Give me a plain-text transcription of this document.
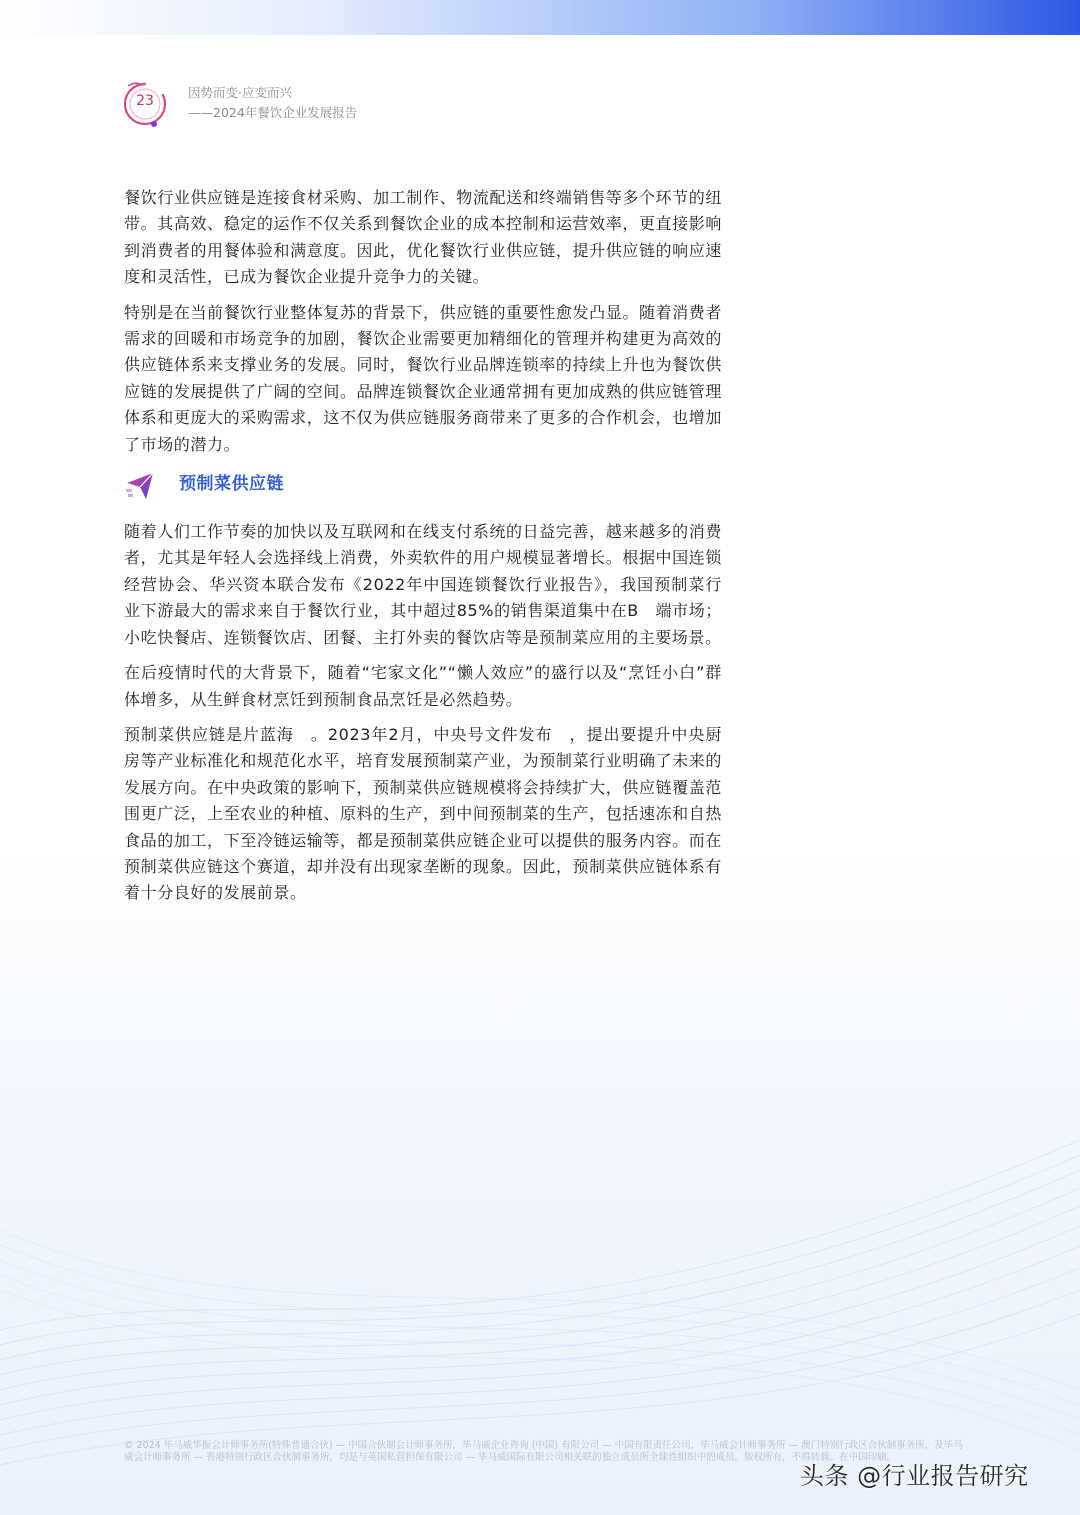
23
因势而变·应变而兴
——2024年餐饮企业发展报告

餐饮行业供应链是连接食材采购、加工制作、物流配送和终端销售等多个环节的纽带。其高效、稳定的运作不仅关系到餐饮企业的成本控制和运营效率，更直接影响到消费者的用餐体验和满意度。因此，优化餐饮行业供应链，提升供应链的响应速度和灵活性，已成为餐饮企业提升竞争力的关键。

特别是在当前餐饮行业整体复苏的背景下，供应链的重要性愈发凸显。随着消费者需求的回暖和市场竞争的加剧，餐饮企业需要更加精细化的管理并构建更为高效的供应链体系来支撑业务的发展。同时，餐饮行业品牌连锁率的持续上升也为餐饮供应链的发展提供了广阔的空间。品牌连锁餐饮企业通常拥有更加成熟的供应链管理体系和更庞大的采购需求，这不仅为供应链服务商带来了更多的合作机会，也增加了市场的潜力。

预制菜供应链

随着人们工作节奏的加快以及互联网和在线支付系统的日益完善，越来越多的消费者，尤其是年轻人会选择线上消费，外卖软件的用户规模显著增长。根据中国连锁经营协会、华兴资本联合发布《2022年中国连锁餐饮行业报告》，我国预制菜行业下游最大的需求来自于餐饮行业，其中超过85%的销售渠道集中在B　端市场；小吃快餐店、连锁餐饮店、团餐、主打外卖的餐饮店等是预制菜应用的主要场景。

在后疫情时代的大背景下，随着“宅家文化”“懒人效应”的盛行以及“烹饪小白”群体增多，从生鲜食材烹饪到预制食品烹饪是必然趋势。

预制菜供应链是片蓝海　。2023年2月，中央号文件发布　，提出要提升中央厨房等产业标准化和规范化水平，培育发展预制菜产业，为预制菜行业明确了未来的发展方向。在中央政策的影响下，预制菜供应链规模将会持续扩大，供应链覆盖范围更广泛，上至农业的种植、原料的生产，到中间预制菜的生产，包括速冻和自热食品的加工，下至冷链运输等，都是预制菜供应链企业可以提供的服务内容。而在预制菜供应链这个赛道，却并没有出现家垄断的现象。因此，预制菜供应链体系有着十分良好的发展前景。

© 2024 毕马威华振会计师事务所(特殊普通合伙) — 中国合伙制会计师事务所，毕马威企业咨询 (中国) 有限公司 — 中国有限责任公司，毕马威会计师事务所 — 澳门特别行政区合伙制事务所，及毕马威会计师事务所 — 香港特别行政区合伙制事务所，均是与英国私营担保有限公司 — 毕马威国际有限公司相关联的独立成员所全球性组织中的成员。版权所有，不得转载。在中国印刷。
头条 @行业报告研究
